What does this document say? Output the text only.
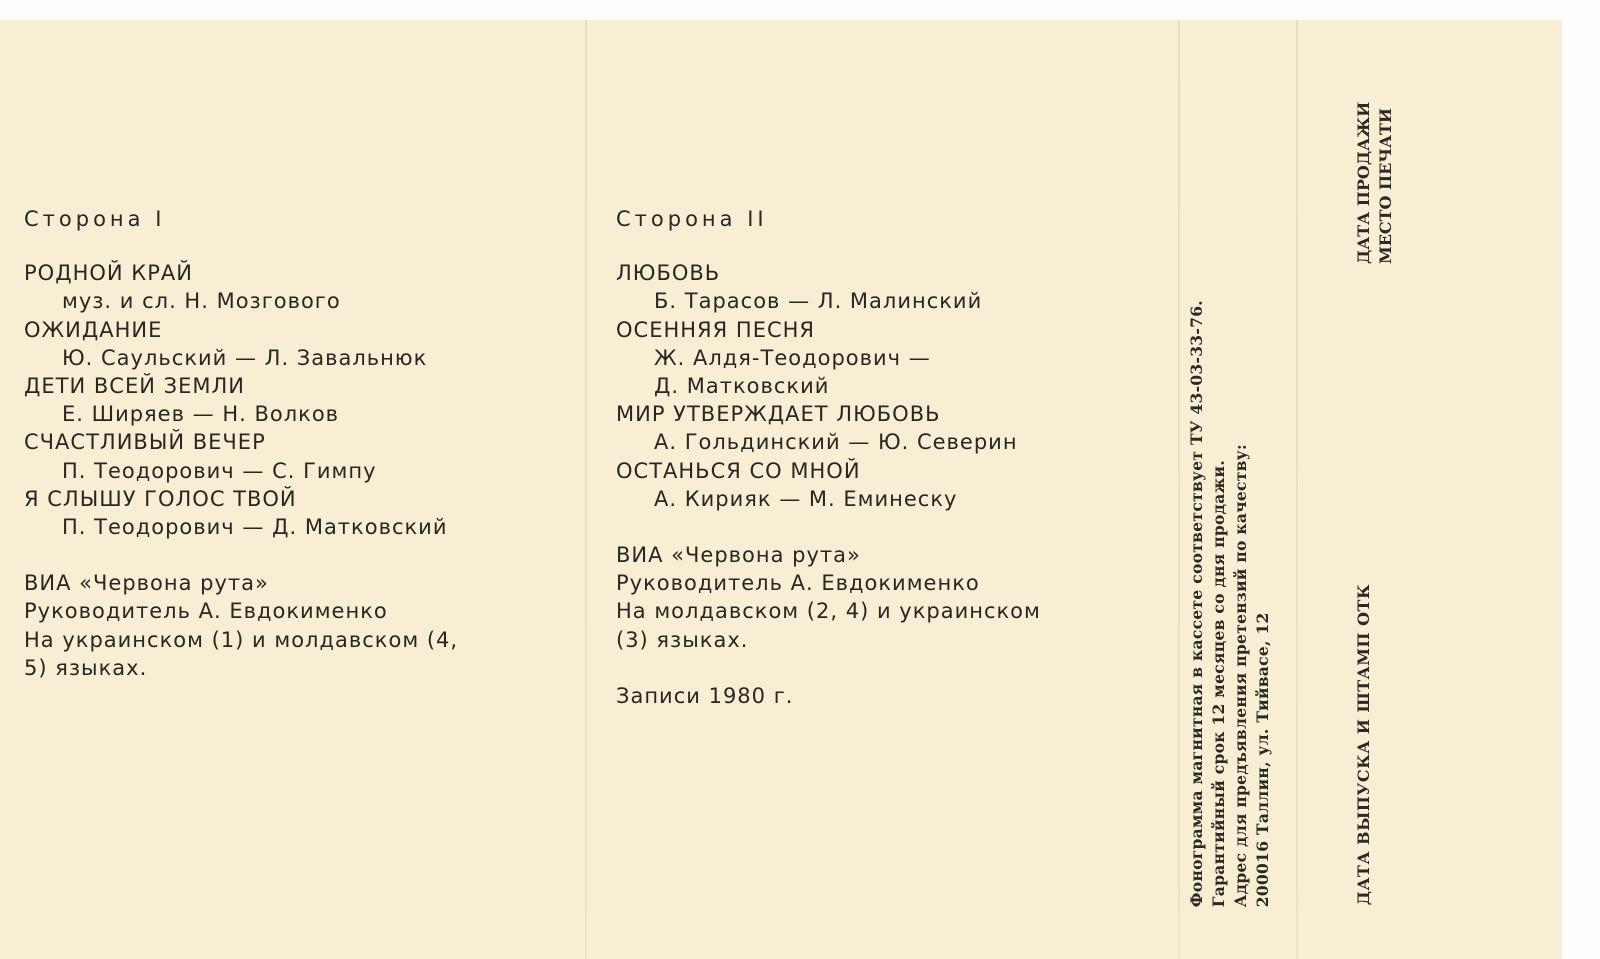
Сторона I
РОДНОЙ КРАЙ
муз. и сл. Н. Мозгового
ОЖИДАНИЕ
Ю. Саульский — Л. Завальнюк
ДЕТИ ВСЕЙ ЗЕМЛИ
Е. Ширяев — Н. Волков
СЧАСТЛИВЫЙ ВЕЧЕР
П. Теодорович — С. Гимпу
Я СЛЫШУ ГОЛОС ТВОЙ
П. Теодорович — Д. Матковский
ВИА «Червона рута»
Руководитель А. Евдокименко
На украинском (1) и молдавском (4,
5) языках.
Сторона II
ЛЮБОВЬ
Б. Тарасов — Л. Малинский
ОСЕННЯЯ ПЕСНЯ
Ж. Алдя-Теодорович —
Д. Матковский
МИР УТВЕРЖДАЕТ ЛЮБОВЬ
А. Гольдинский — Ю. Северин
ОСТАНЬСЯ СО МНОЙ
А. Кирияк — М. Еминеску
ВИА «Червона рута»
Руководитель А. Евдокименко
На молдавском (2, 4) и украинском
(3) языках.
Записи 1980 г.	Фонограмма магнитная в кассете соответствует ТУ 43-03-33-76. Гарантийный срок 12 месяцев со дня продажи. Адрес для предъявления претензий по качеству: 200016 Таллин, ул. Тийвасе, 12
ДАТА ПРОДАЖИ МЕСТО ПЕЧАТИ
ДАТА ВЫПУСКА И ШТАМП ОТК
